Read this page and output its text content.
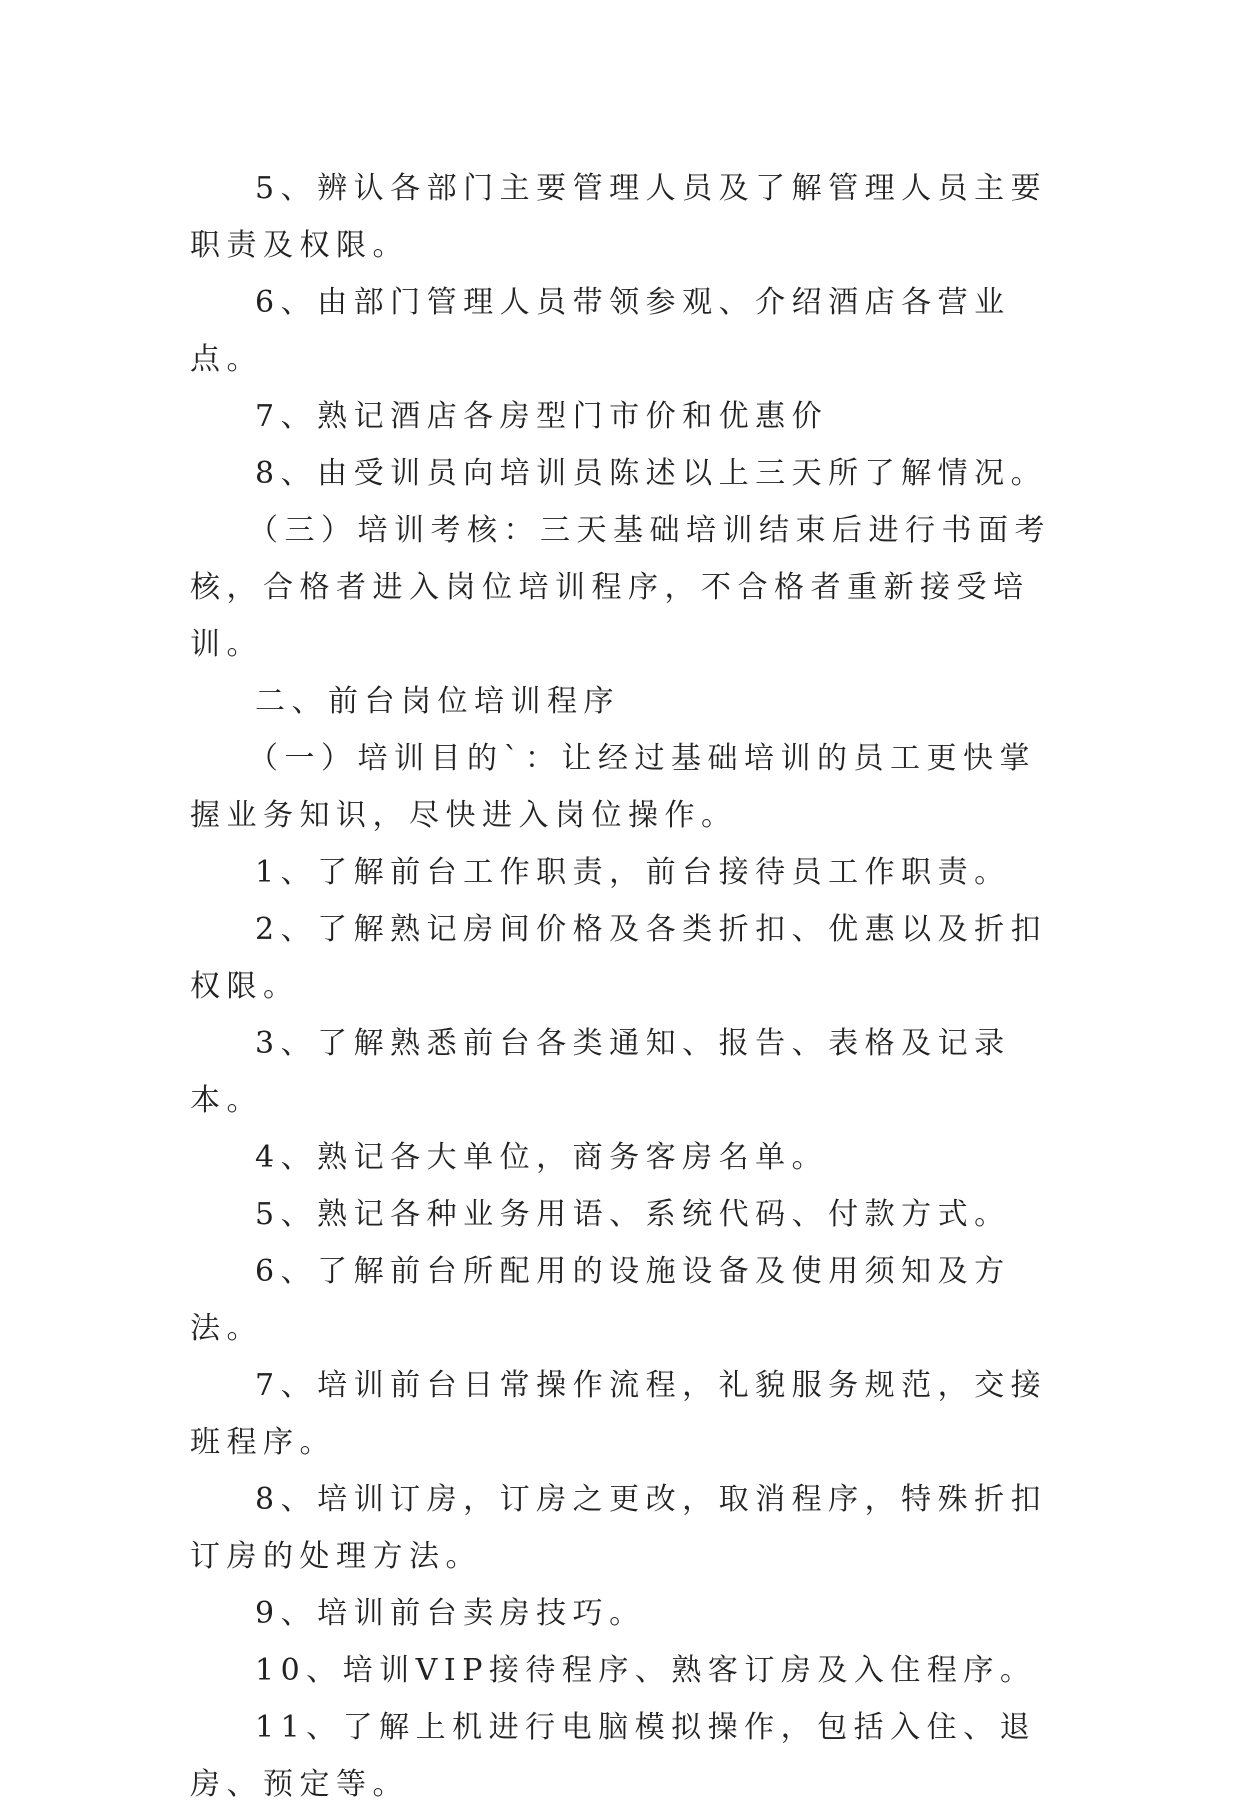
5、辨认各部门主要管理人员及了解管理人员主要职责及权限。

6、由部门管理人员带领参观、介绍酒店各营业点。

7、熟记酒店各房型门市价和优惠价

8、由受训员向培训员陈述以上三天所了解情况。

（三）培训考核：三天基础培训结束后进行书面考核，合格者进入岗位培训程序，不合格者重新接受培训。

二、前台岗位培训程序

（一）培训目的`：让经过基础培训的员工更快掌握业务知识，尽快进入岗位操作。

1、了解前台工作职责，前台接待员工作职责。

2、了解熟记房间价格及各类折扣、优惠以及折扣权限。

3、了解熟悉前台各类通知、报告、表格及记录本。

4、熟记各大单位，商务客房名单。

5、熟记各种业务用语、系统代码、付款方式。

6、了解前台所配用的设施设备及使用须知及方法。

7、培训前台日常操作流程，礼貌服务规范，交接班程序。

8、培训订房，订房之更改，取消程序，特殊折扣订房的处理方法。

9、培训前台卖房技巧。

10、培训VIP接待程序、熟客订房及入住程序。

11、了解上机进行电脑模拟操作，包括入住、退房、预定等。
